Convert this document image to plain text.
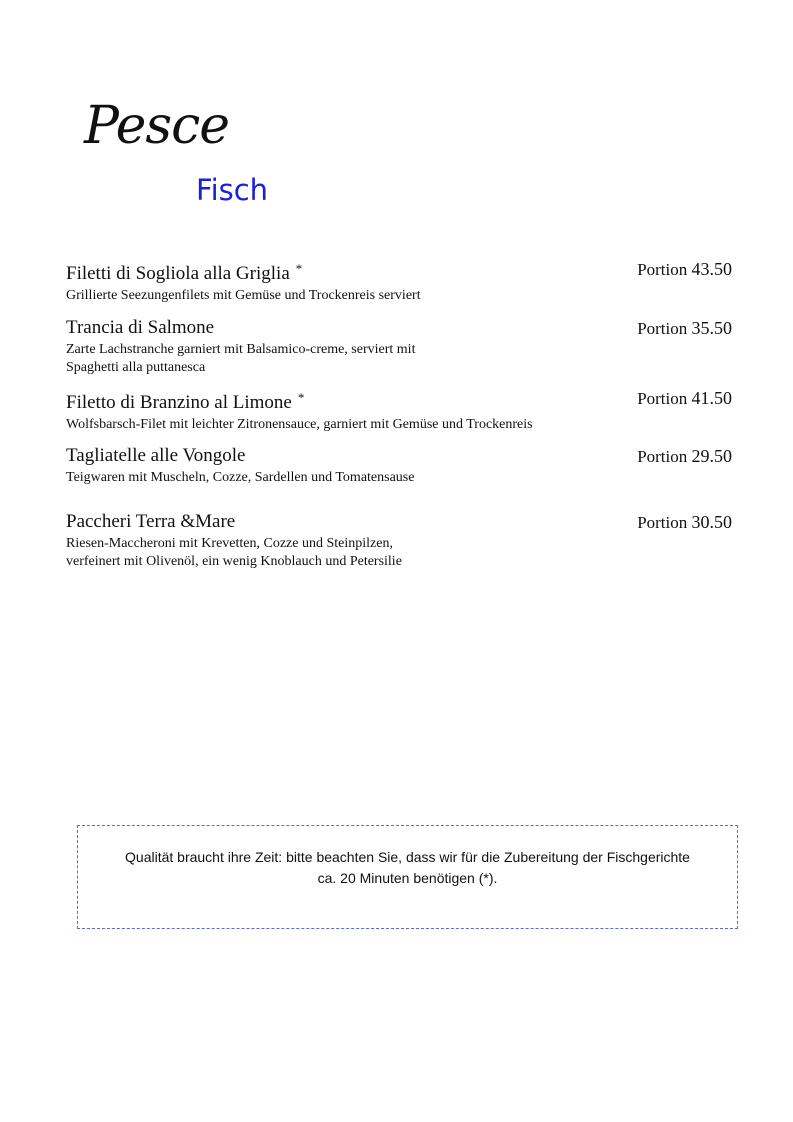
Pesce
Fisch
Filetti di Sogliola alla Griglia *	Portion 43.50
Grillierte Seezungenfilets mit Gemüse und Trockenreis serviert
Trancia di Salmone	Portion 35.50
Zarte Lachstranche garniert mit Balsamico-creme, serviert mit
Spaghetti alla puttanesca
Filetto di Branzino al Limone *	Portion 41.50
Wolfsbarsch-Filet mit leichter Zitronensauce, garniert mit Gemüse und Trockenreis
Tagliatelle alle Vongole	Portion 29.50
Teigwaren mit Muscheln, Cozze, Sardellen und Tomatensause
Paccheri Terra &Mare	Portion 30.50
Riesen-Maccheroni mit Krevetten, Cozze und Steinpilzen,
verfeinert mit Olivenöl, ein wenig Knoblauch und Petersilie
Qualität braucht ihre Zeit: bitte beachten Sie, dass wir für die Zubereitung der Fischgerichte
ca. 20 Minuten benötigen (*).
